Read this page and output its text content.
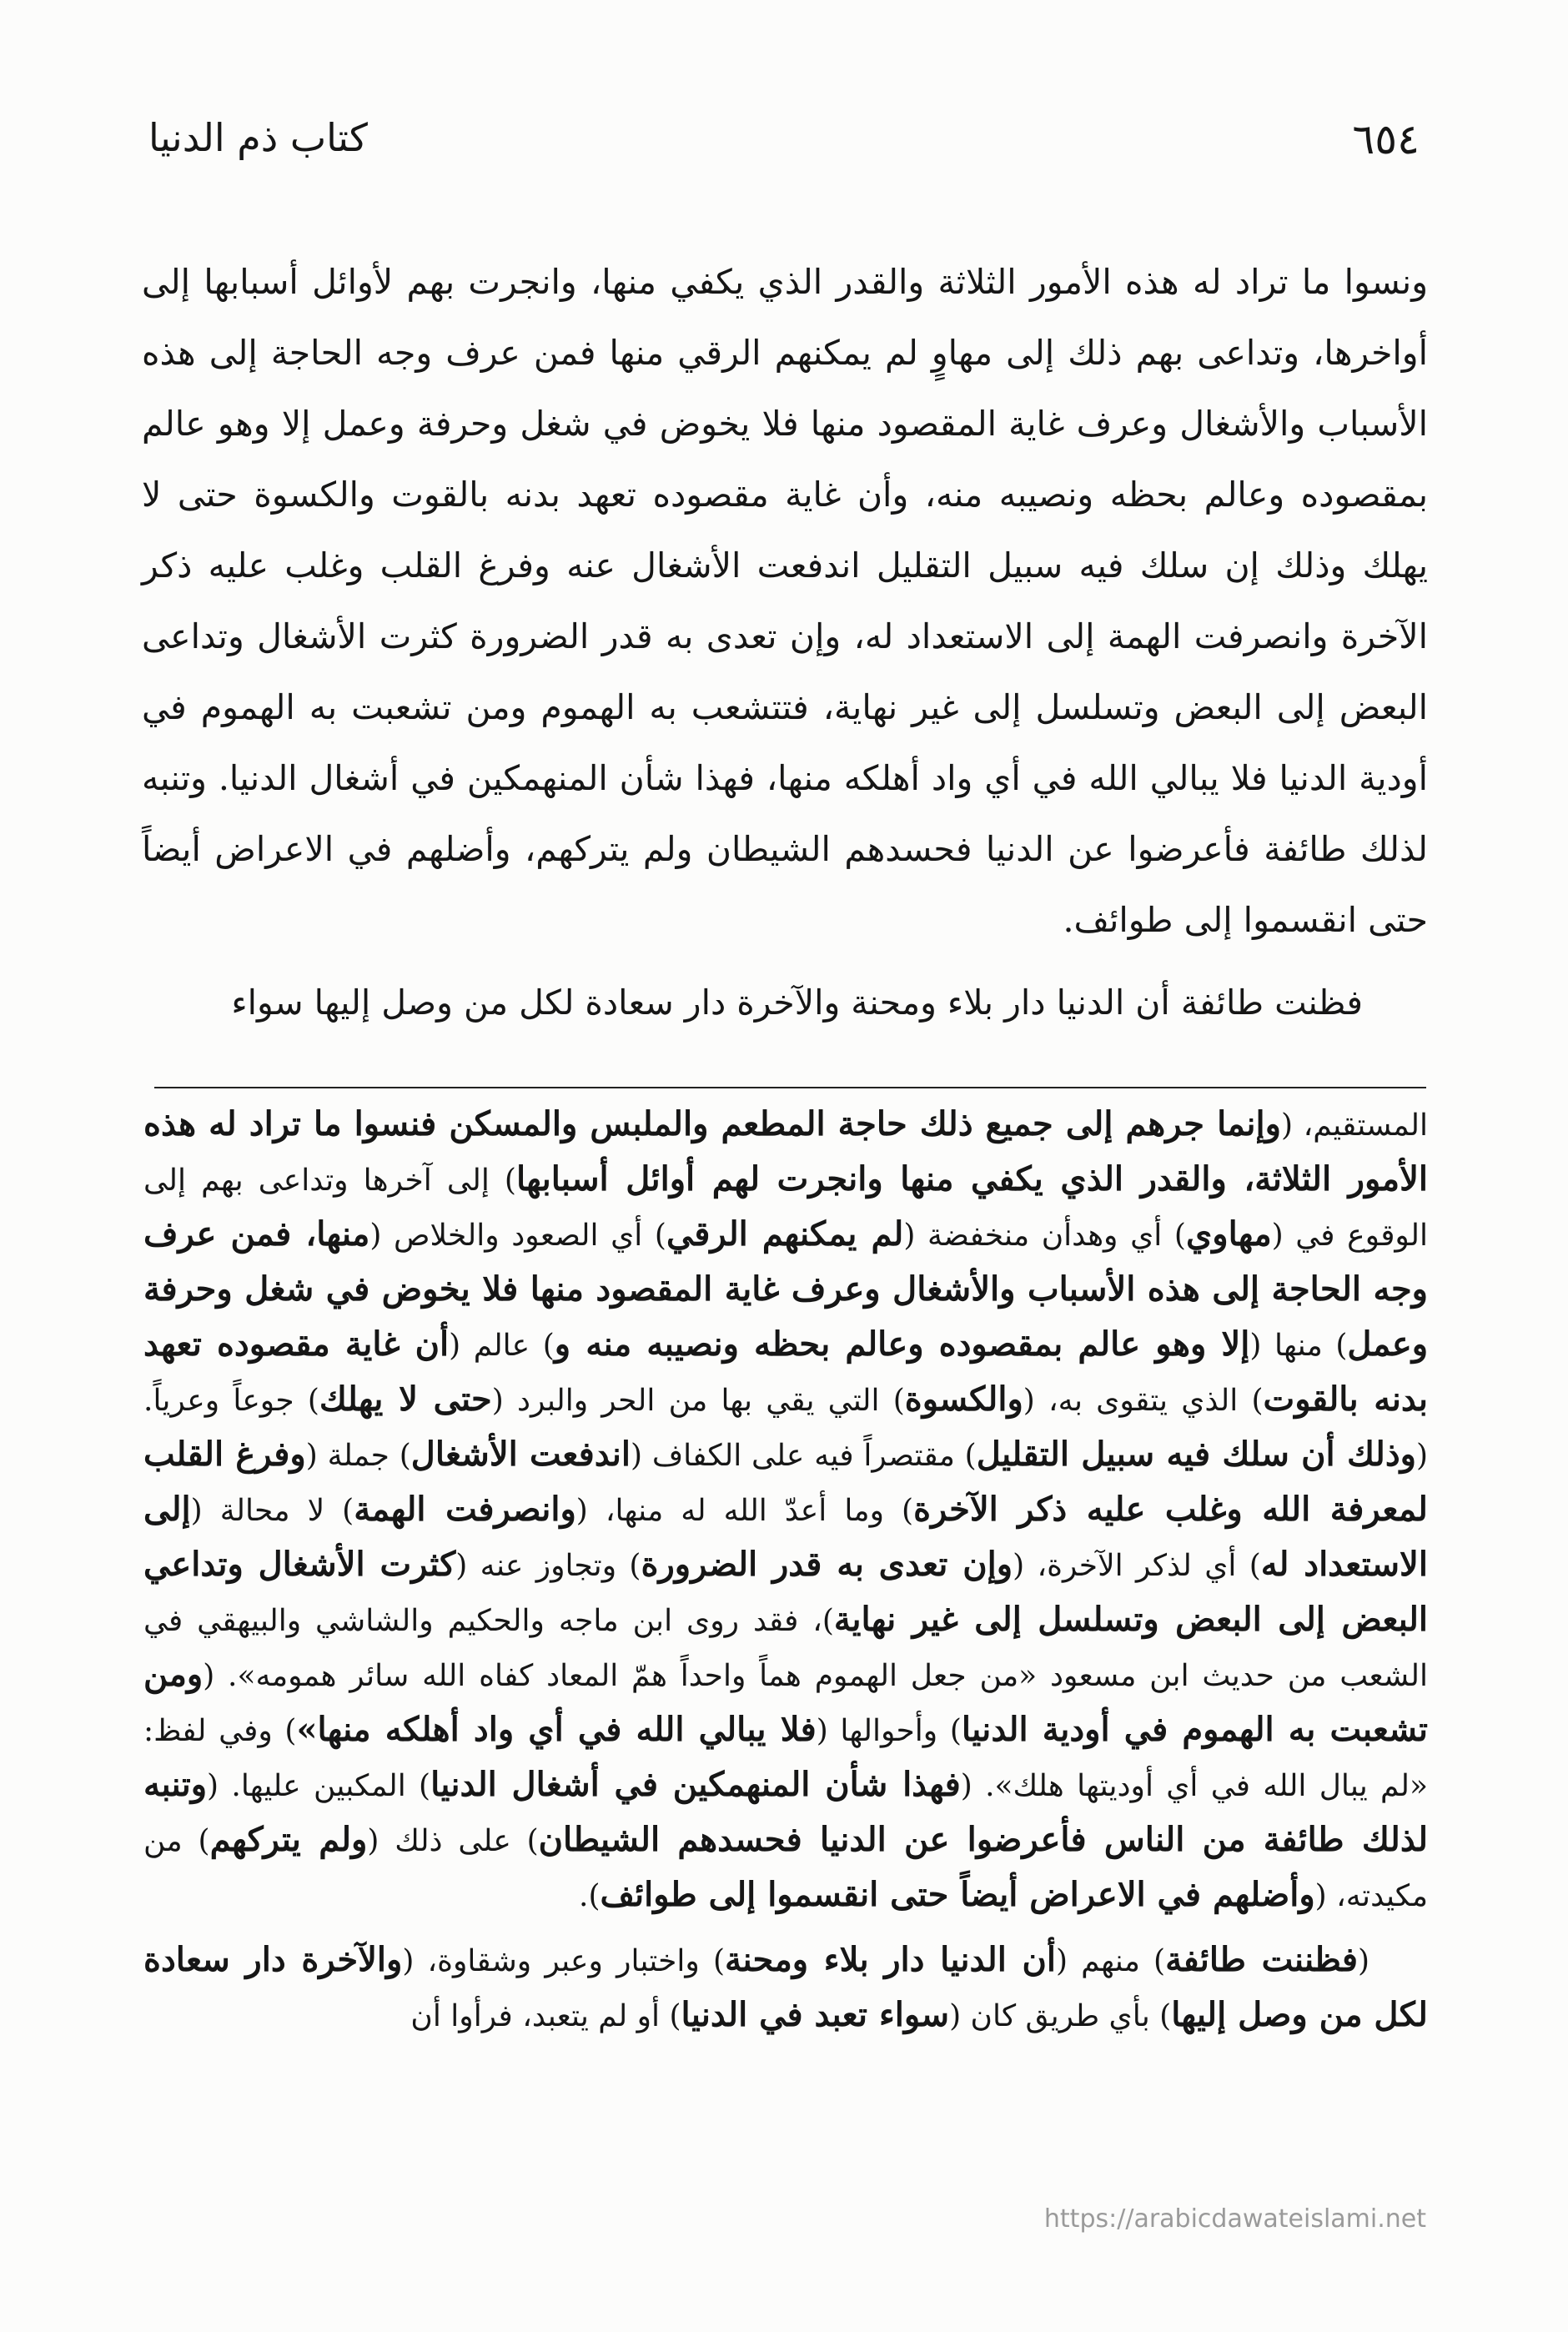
٦٥٤
كتاب ذم الدنيا

ونسوا ما تراد له هذه الأمور الثلاثة والقدر الذي يكفي منها، وانجرت بهم لأوائل أسبابها إلى أواخرها، وتداعى بهم ذلك إلى مهاوٍ لم يمكنهم الرقي منها فمن عرف وجه الحاجة إلى هذه الأسباب والأشغال وعرف غاية المقصود منها فلا يخوض في شغل وحرفة وعمل إلا وهو عالم بمقصوده وعالم بحظه ونصيبه منه، وأن غاية مقصوده تعهد بدنه بالقوت والكسوة حتى لا يهلك وذلك إن سلك فيه سبيل التقليل اندفعت الأشغال عنه وفرغ القلب وغلب عليه ذكر الآخرة وانصرفت الهمة إلى الاستعداد له، وإن تعدى به قدر الضرورة كثرت الأشغال وتداعى البعض إلى البعض وتسلسل إلى غير نهاية، فتتشعب به الهموم ومن تشعبت به الهموم في أودية الدنيا فلا يبالي الله في أي واد أهلكه منها، فهذا شأن المنهمكين في أشغال الدنيا. وتنبه لذلك طائفة فأعرضوا عن الدنيا فحسدهم الشيطان ولم يتركهم، وأضلهم في الاعراض أيضاً حتى انقسموا إلى طوائف.

فظنت طائفة أن الدنيا دار بلاء ومحنة والآخرة دار سعادة لكل من وصل إليها سواء

المستقيم، (وإنما جرهم إلى جميع ذلك حاجة المطعم والملبس والمسكن فنسوا ما تراد له هذه الأمور الثلاثة، والقدر الذي يكفي منها وانجرت لهم أوائل أسبابها) إلى آخرها وتداعى بهم إلى الوقوع في (مهاوي) أي وهدأن منخفضة (لم يمكنهم الرقي) أي الصعود والخلاص (منها، فمن عرف وجه الحاجة إلى هذه الأسباب والأشغال وعرف غاية المقصود منها فلا يخوض في شغل وحرفة وعمل) منها (إلا وهو عالم بمقصوده وعالم بحظه ونصيبه منه و) عالم (أن غاية مقصوده تعهد بدنه بالقوت) الذي يتقوى به، (والكسوة) التي يقي بها من الحر والبرد (حتى لا يهلك) جوعاً وعرياً. (وذلك أن سلك فيه سبيل التقليل) مقتصراً فيه على الكفاف (اندفعت الأشغال) جملة (وفرغ القلب لمعرفة الله وغلب عليه ذكر الآخرة) وما أعدّ الله له منها، (وانصرفت الهمة) لا محالة (إلى الاستعداد له) أي لذكر الآخرة، (وإن تعدى به قدر الضرورة) وتجاوز عنه (كثرت الأشغال وتداعي البعض إلى البعض وتسلسل إلى غير نهاية)، فقد روى ابن ماجه والحكيم والشاشي والبيهقي في الشعب من حديث ابن مسعود «من جعل الهموم هماً واحداً همّ المعاد كفاه الله سائر همومه». (ومن تشعبت به الهموم في أودية الدنيا) وأحوالها (فلا يبالي الله في أي واد أهلكه منها») وفي لفظ: «لم يبال الله في أي أوديتها هلك». (فهذا شأن المنهمكين في أشغال الدنيا) المكبين عليها. (وتنبه لذلك طائفة من الناس فأعرضوا عن الدنيا فحسدهم الشيطان) على ذلك (ولم يتركهم) من مكيدته، (وأضلهم في الاعراض أيضاً حتى انقسموا إلى طوائف).

(فظننت طائفة) منهم (أن الدنيا دار بلاء ومحنة) واختبار وعبر وشقاوة، (والآخرة دار سعادة لكل من وصل إليها) بأي طريق كان (سواء تعبد في الدنيا) أو لم يتعبد، فرأوا أن

https://arabicdawateislami.net
